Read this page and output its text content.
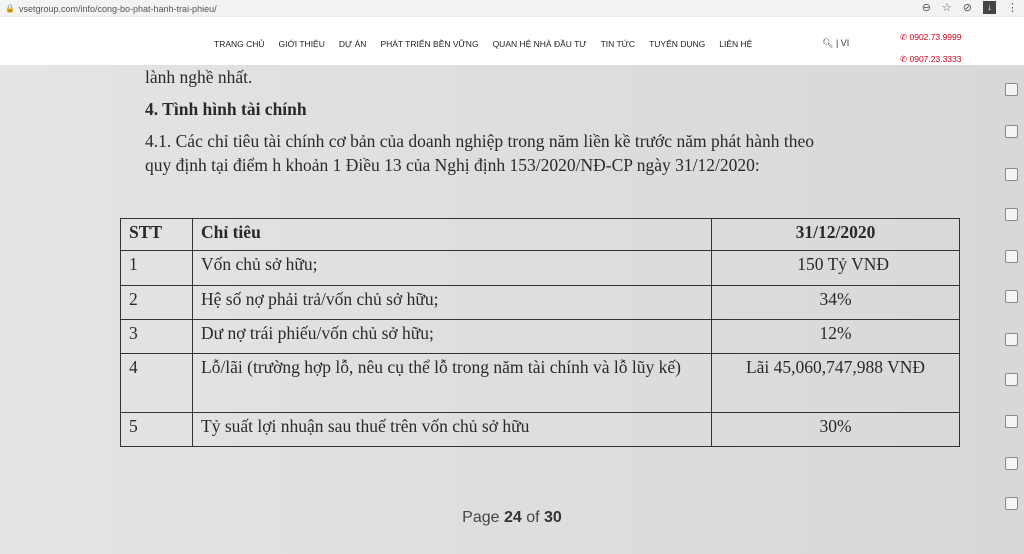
🔒 vsetgroup.com/info/cong-bo-phat-hanh-trai-phieu/	⊖ ☆ ⊘	↓	⋮
TRANG CHỦ GIỚI THIỆU DỰ ÁN PHÁT TRIỂN BỀN VỮNG QUAN HỆ NHÀ ĐẦU TƯ TIN TỨC TUYỂN DỤNG LIÊN HỆ	🔍︎ | VI
✆ 0902.73.9999
✆ 0907.23.3333
lành nghề nhất.
4. Tình hình tài chính
4.1. Các chỉ tiêu tài chính cơ bản của doanh nghiệp trong năm liền kề trước năm phát hành theo
quy định tại điểm h khoản 1 Điều 13 của Nghị định 153/2020/NĐ-CP ngày 31/12/2020:
STT	Chỉ tiêu	31/12/2020
1	Vốn chủ sở hữu;	150 Tỷ VNĐ
2	Hệ số nợ phải trả/vốn chủ sở hữu;	34%
3	Dư nợ trái phiếu/vốn chủ sở hữu;	12%
4	Lỗ/lãi (trường hợp lỗ, nêu cụ thể lỗ trong năm tài chính và lỗ lũy kế)	Lãi 45,060,747,988 VNĐ
5	Tỷ suất lợi nhuận sau thuế trên vốn chủ sở hữu	30%
Page 24 of 30
